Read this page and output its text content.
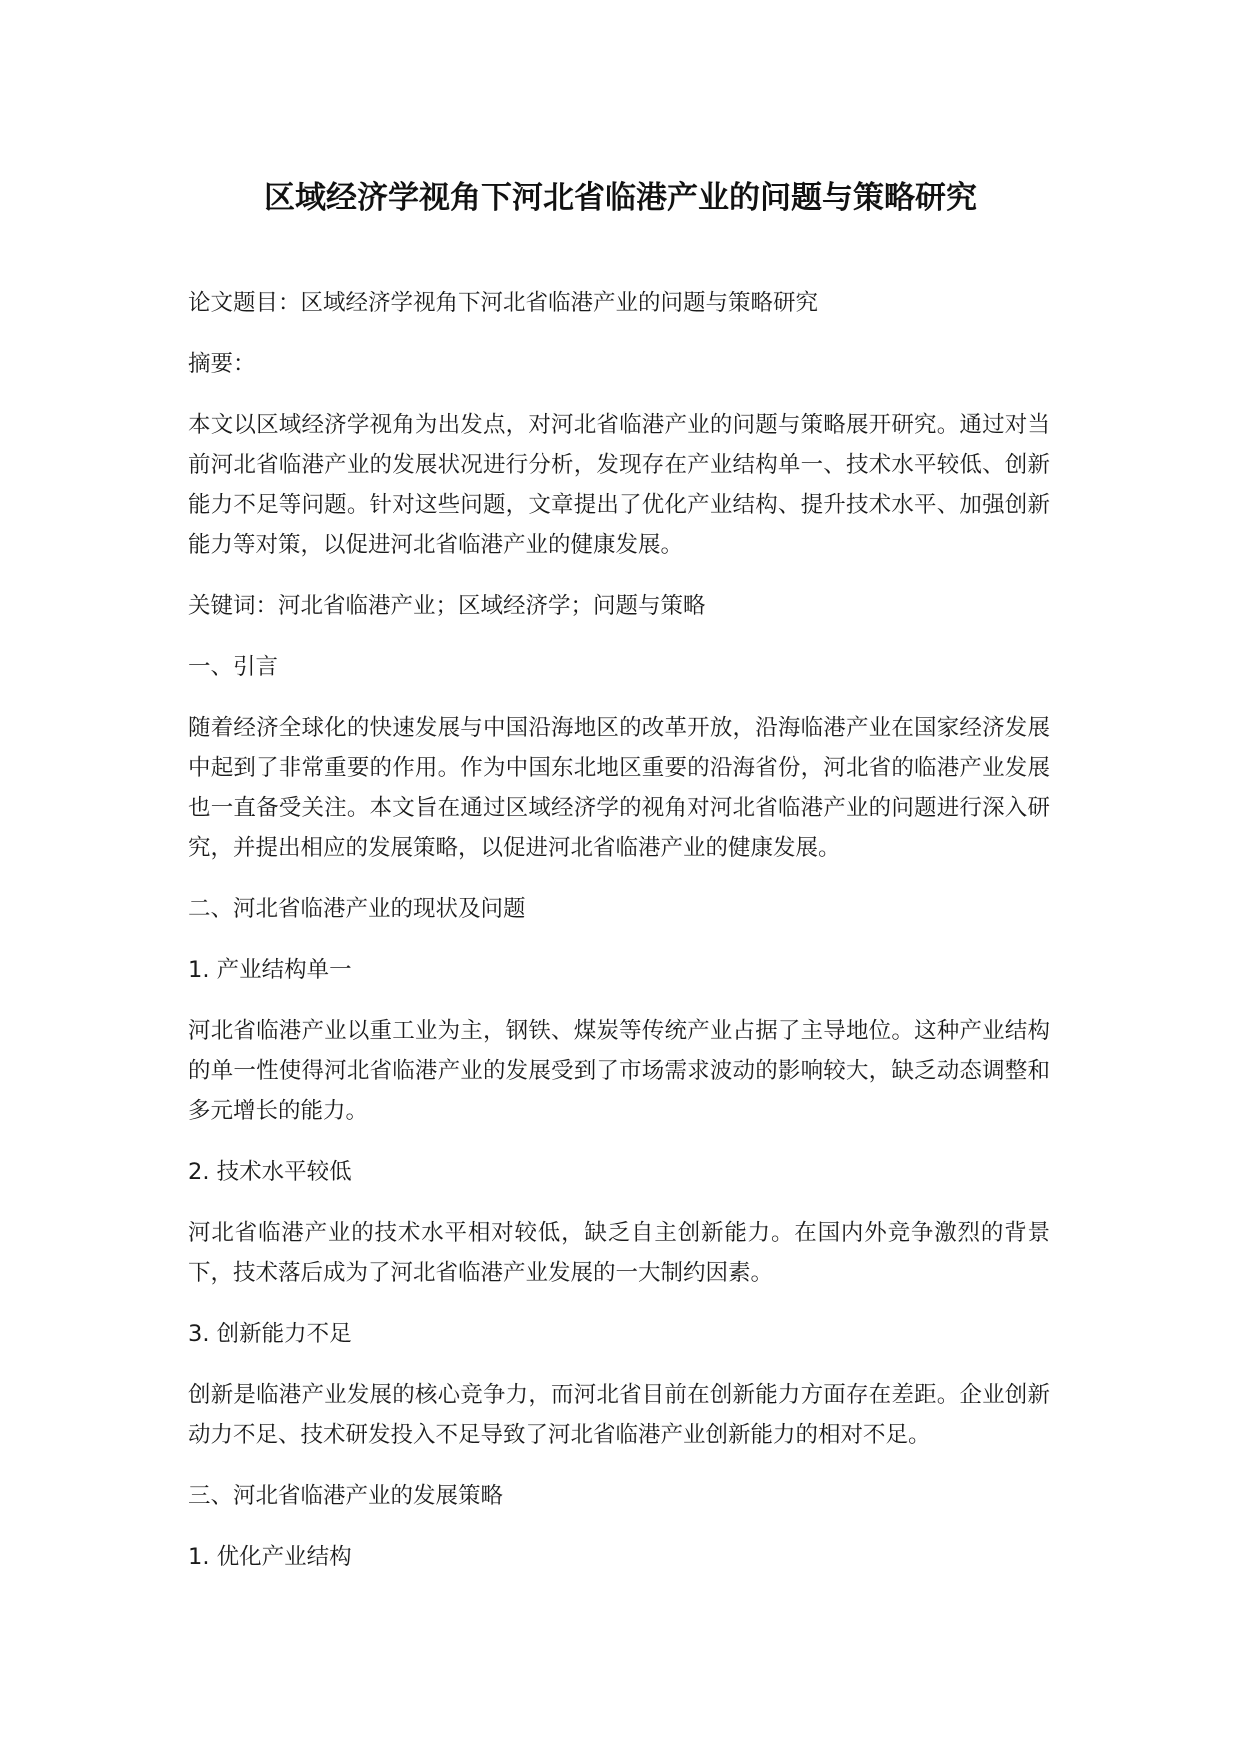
区域经济学视角下河北省临港产业的问题与策略研究
论文题目：区域经济学视角下河北省临港产业的问题与策略研究
摘要：
本文以区域经济学视角为出发点，对河北省临港产业的问题与策略展开研究。通过对当前河北省临港产业的发展状况进行分析，发现存在产业结构单一、技术水平较低、创新能力不足等问题。针对这些问题，文章提出了优化产业结构、提升技术水平、加强创新能力等对策，以促进河北省临港产业的健康发展。
关键词：河北省临港产业；区域经济学；问题与策略
一、引言
随着经济全球化的快速发展与中国沿海地区的改革开放，沿海临港产业在国家经济发展中起到了非常重要的作用。作为中国东北地区重要的沿海省份，河北省的临港产业发展也一直备受关注。本文旨在通过区域经济学的视角对河北省临港产业的问题进行深入研究，并提出相应的发展策略，以促进河北省临港产业的健康发展。
二、河北省临港产业的现状及问题
1. 产业结构单一
河北省临港产业以重工业为主，钢铁、煤炭等传统产业占据了主导地位。这种产业结构的单一性使得河北省临港产业的发展受到了市场需求波动的影响较大，缺乏动态调整和多元增长的能力。
2. 技术水平较低
河北省临港产业的技术水平相对较低，缺乏自主创新能力。在国内外竞争激烈的背景下，技术落后成为了河北省临港产业发展的一大制约因素。
3. 创新能力不足
创新是临港产业发展的核心竞争力，而河北省目前在创新能力方面存在差距。企业创新动力不足、技术研发投入不足导致了河北省临港产业创新能力的相对不足。
三、河北省临港产业的发展策略
1. 优化产业结构
